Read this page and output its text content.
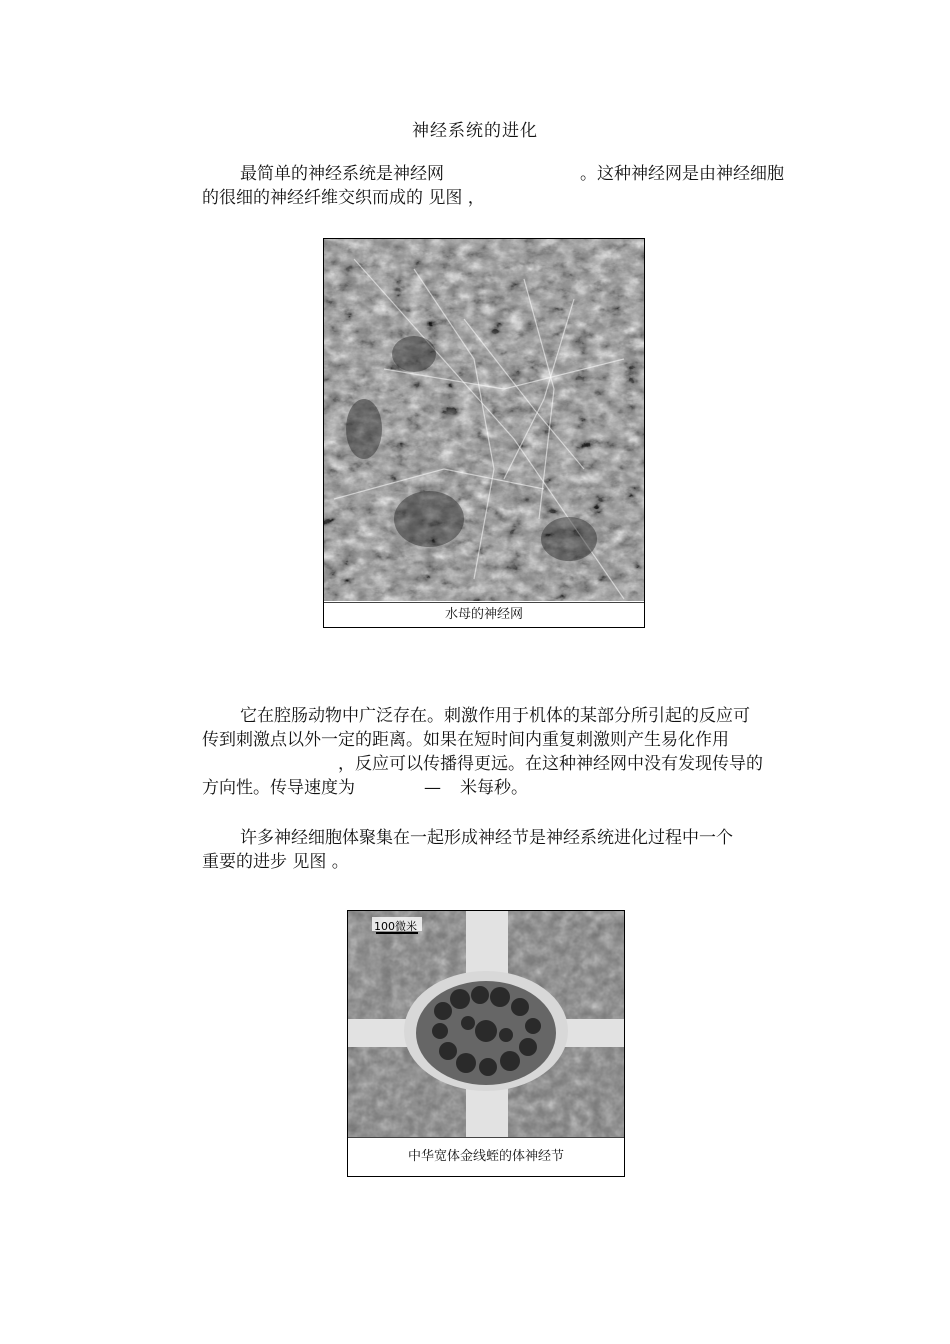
神经系统的进化
最简单的神经系统是神经网	。这种神经网是由神经细胞
的很细的神经纤维交织而成的 见图 ，
水母的神经网
它在腔肠动物中广泛存在。刺激作用于机体的某部分所引起的反应可
传到刺激点以外一定的距离。如果在短时间内重复刺激则产生易化作用
，反应可以传播得更远。在这种神经网中没有发现传导的
方向性。传导速度为	— 米每秒。
许多神经细胞体聚集在一起形成神经节是神经系统进化过程中一个
重要的进步 见图 。
100微米
中华宽体金线蛭的体神经节
